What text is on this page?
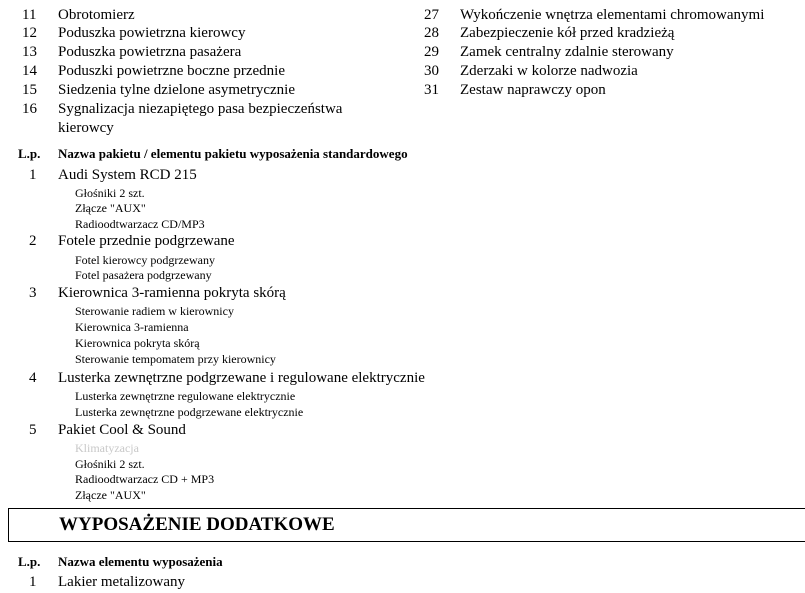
11	Obrotomierz
12	Poduszka powietrzna kierowcy
13	Poduszka powietrzna pasażera
14	Poduszki powietrzne boczne przednie
15	Siedzenia tylne dzielone asymetrycznie
16	Sygnalizacja niezapiętego pasa bezpieczeństwa
kierowcy
27	Wykończenie wnętrza elementami chromowanymi
28	Zabezpieczenie kół przed kradzieżą
29	Zamek centralny zdalnie sterowany
30	Zderzaki w kolorze nadwozia
31	Zestaw naprawczy opon
L.p. Nazwa pakietu / elementu pakietu wyposażenia standardowego
1	Audi System RCD 215
Głośniki 2 szt.
Złącze "AUX"
Radioodtwarzacz CD/MP3
2	Fotele przednie podgrzewane
Fotel kierowcy podgrzewany
Fotel pasażera podgrzewany
3	Kierownica 3-ramienna pokryta skórą
Sterowanie radiem w kierownicy
Kierownica 3-ramienna
Kierownica pokryta skórą
Sterowanie tempomatem przy kierownicy
4	Lusterka zewnętrzne podgrzewane i regulowane elektrycznie
Lusterka zewnętrzne regulowane elektrycznie
Lusterka zewnętrzne podgrzewane elektrycznie
5	Pakiet Cool & Sound
Klimatyzacja
Głośniki 2 szt.
Radioodtwarzacz CD + MP3
Złącze "AUX"
WYPOSAŻENIE DODATKOWE
L.p. Nazwa elementu wyposażenia
1	Lakier metalizowany
